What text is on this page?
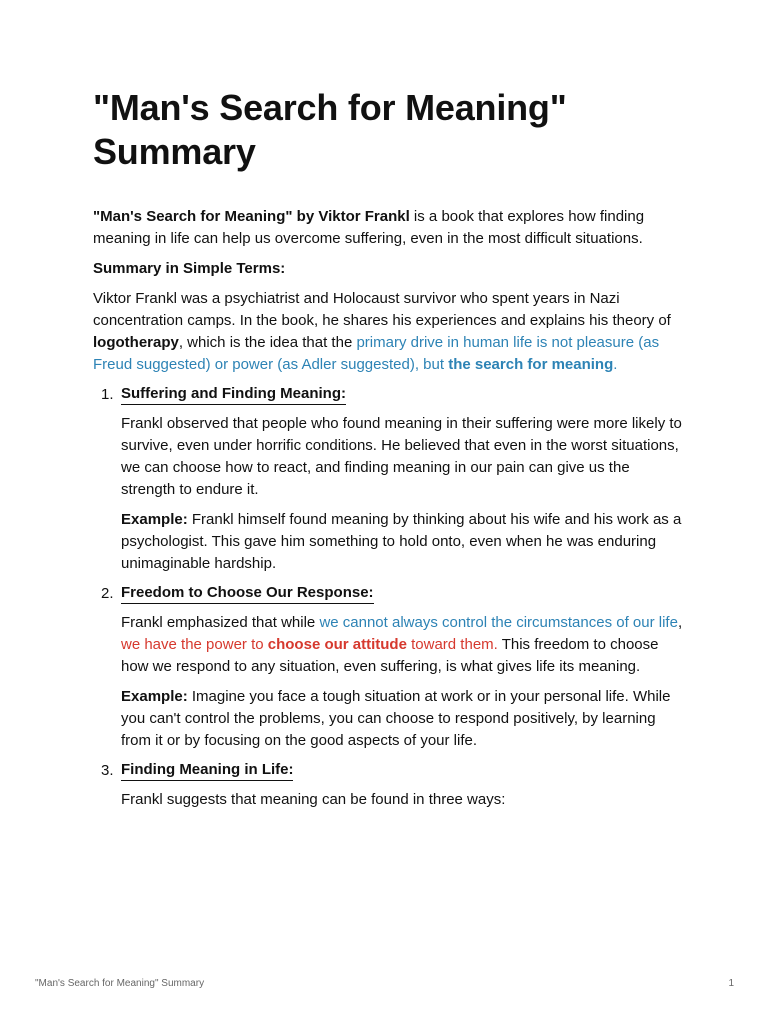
"Man's Search for Meaning" Summary

"Man's Search for Meaning" by Viktor Frankl is a book that explores how finding meaning in life can help us overcome suffering, even in the most difficult situations.

Summary in Simple Terms:

Viktor Frankl was a psychiatrist and Holocaust survivor who spent years in Nazi concentration camps. In the book, he shares his experiences and explains his theory of logotherapy, which is the idea that the primary drive in human life is not pleasure (as Freud suggested) or power (as Adler suggested), but the search for meaning.

1. Suffering and Finding Meaning:

Frankl observed that people who found meaning in their suffering were more likely to survive, even under horrific conditions. He believed that even in the worst situations, we can choose how to react, and finding meaning in our pain can give us the strength to endure it.

Example: Frankl himself found meaning by thinking about his wife and his work as a psychologist. This gave him something to hold onto, even when he was enduring unimaginable hardship.

2. Freedom to Choose Our Response:

Frankl emphasized that while we cannot always control the circumstances of our life, we have the power to choose our attitude toward them. This freedom to choose how we respond to any situation, even suffering, is what gives life its meaning.

Example: Imagine you face a tough situation at work or in your personal life. While you can't control the problems, you can choose to respond positively, by learning from it or by focusing on the good aspects of your life.

3. Finding Meaning in Life:

Frankl suggests that meaning can be found in three ways:

"Man's Search for Meaning" Summary	1
